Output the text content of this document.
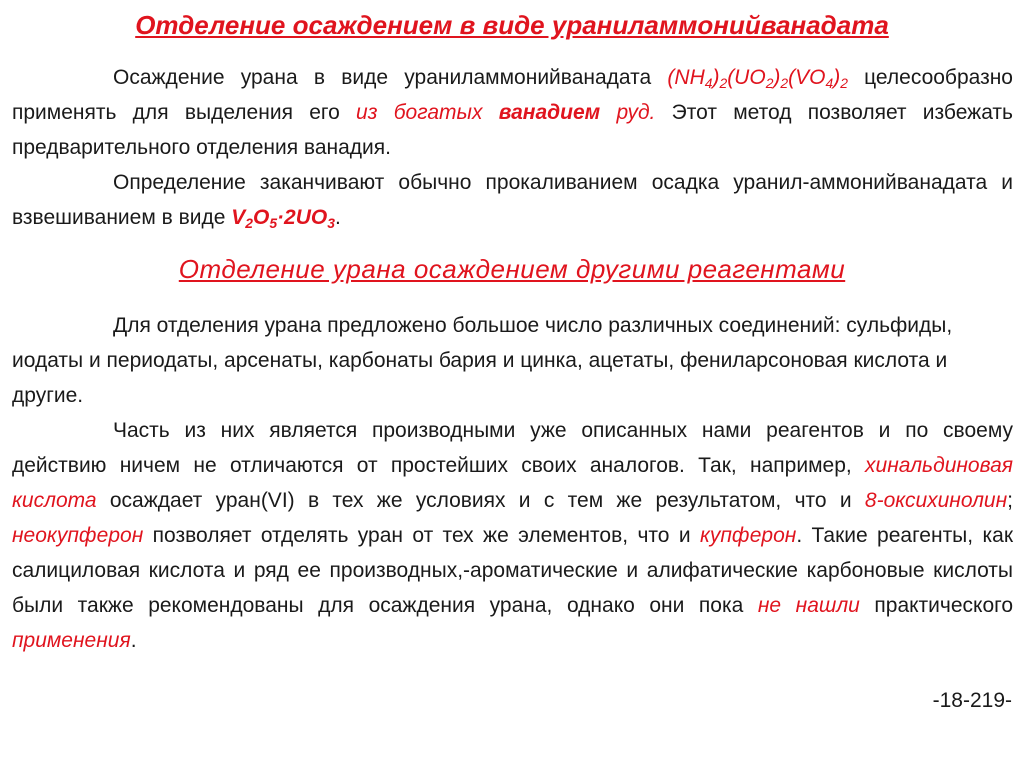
Отделение осаждением в виде ураниламмонийванадата

Осаждение урана в виде ураниламмонийванадата $(NH_4)_2(UO_2)_2(VO_4)_2$ целесообразно применять для выделения его из богатых ванадием руд. Этот метод позволяет избежать предварительного отделения ванадия.

Определение заканчивают обычно прокаливанием осадка уранил-аммонийванадата и взвешиванием в виде $V_2O_5\cdot 2UO_3$.

Отделение урана осаждением другими реагентами

Для отделения урана предложено большое число различных соединений: сульфиды, иодаты и периодаты, арсенаты, карбонаты бария и цинка, ацетаты, фениларсоновая кислота и другие.

Часть из них является производными уже описанных нами реагентов и по своему действию ничем не отличаются от простейших своих аналогов. Так, например, хинальдиновая кислота осаждает уран(VI) в тех же условиях и с тем же результатом, что и 8-оксихинолин; неокупферон позволяет отделять уран от тех же элементов, что и купферон. Такие реагенты, как салициловая кислота и ряд ее производных,-ароматические и алифатические карбоновые кислоты были также рекомендованы для осаждения урана, однако они пока не нашли практического применения.

-18-219-
